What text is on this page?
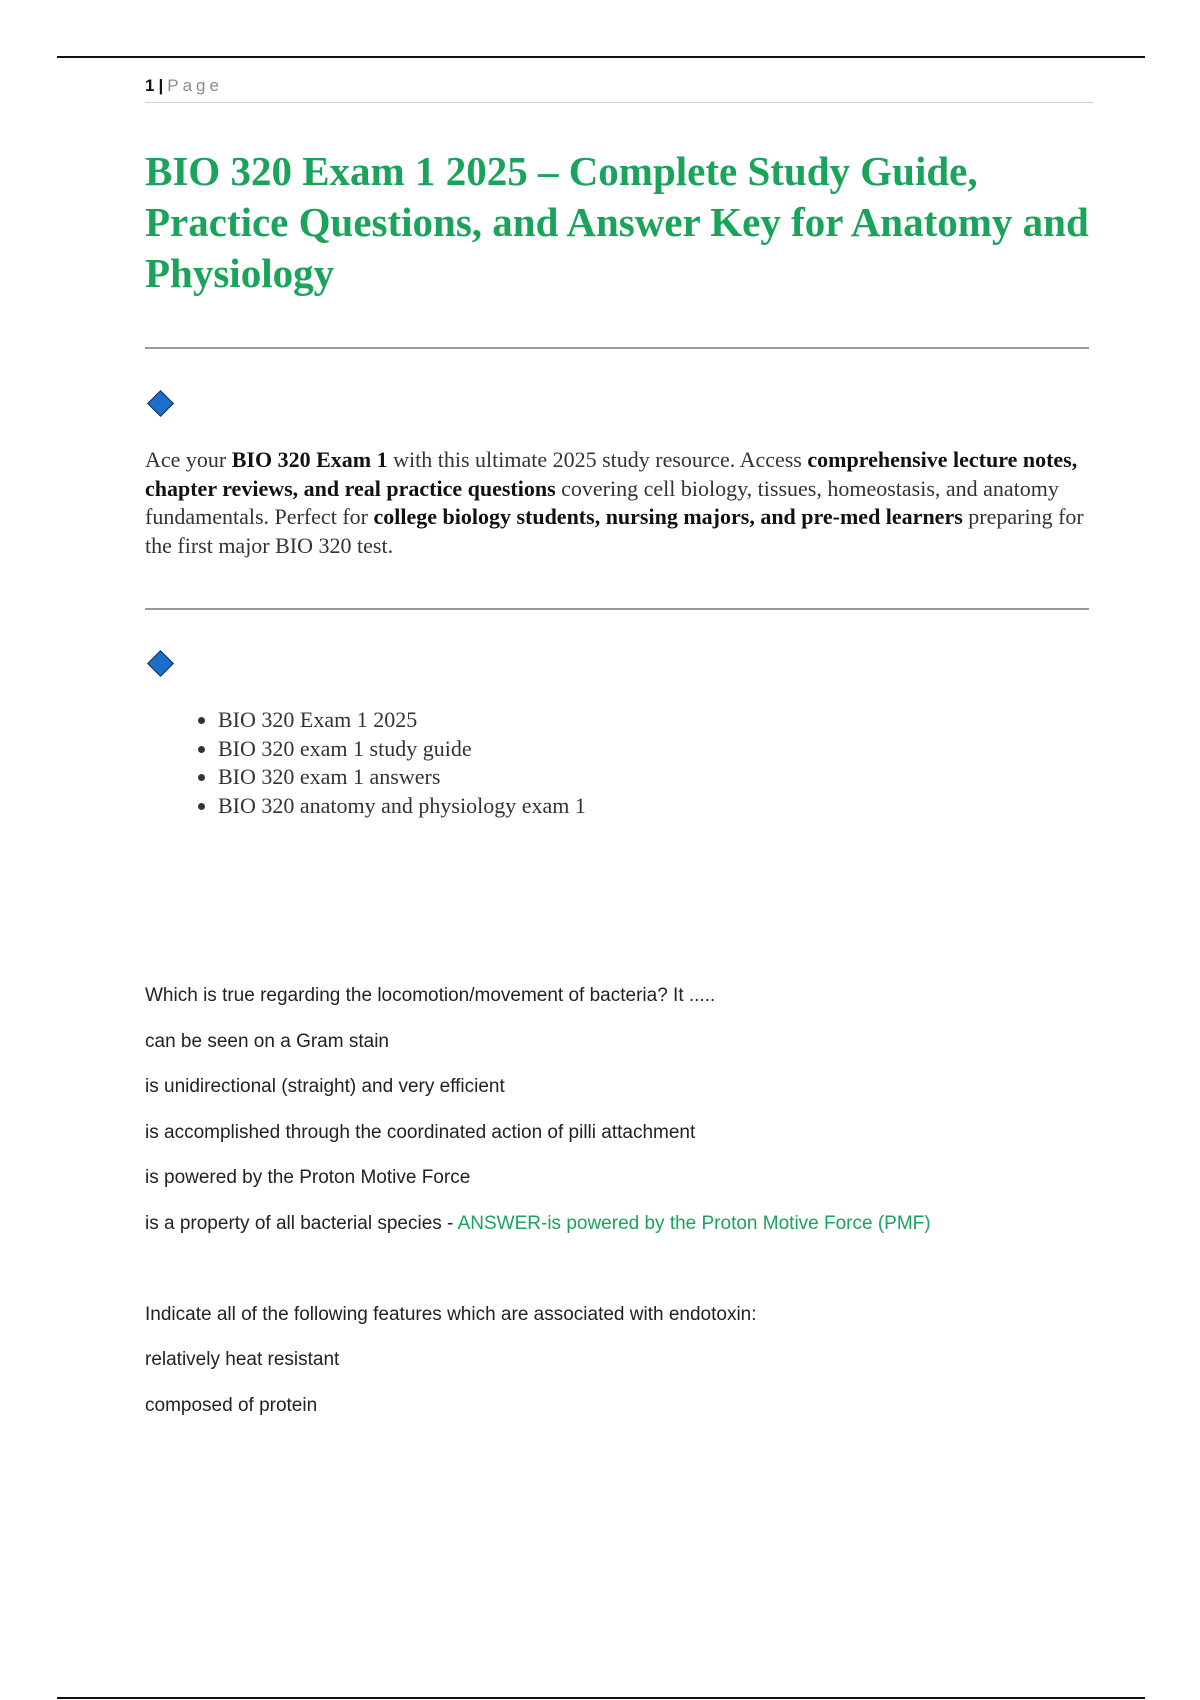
1 | Page
BIO 320 Exam 1 2025 – Complete Study Guide, Practice Questions, and Answer Key for Anatomy and Physiology

Ace your BIO 320 Exam 1 with this ultimate 2025 study resource. Access comprehensive lecture notes, chapter reviews, and real practice questions covering cell biology, tissues, homeostasis, and anatomy fundamentals. Perfect for college biology students, nursing majors, and pre-med learners preparing for the first major BIO 320 test.

• BIO 320 Exam 1 2025
• BIO 320 exam 1 study guide
• BIO 320 exam 1 answers
• BIO 320 anatomy and physiology exam 1

Which is true regarding the locomotion/movement of bacteria? It .....

can be seen on a Gram stain

is unidirectional (straight) and very efficient

is accomplished through the coordinated action of pilli attachment

is powered by the Proton Motive Force

is a property of all bacterial species - ANSWER-is powered by the Proton Motive Force (PMF)

Indicate all of the following features which are associated with endotoxin:

relatively heat resistant

composed of protein
